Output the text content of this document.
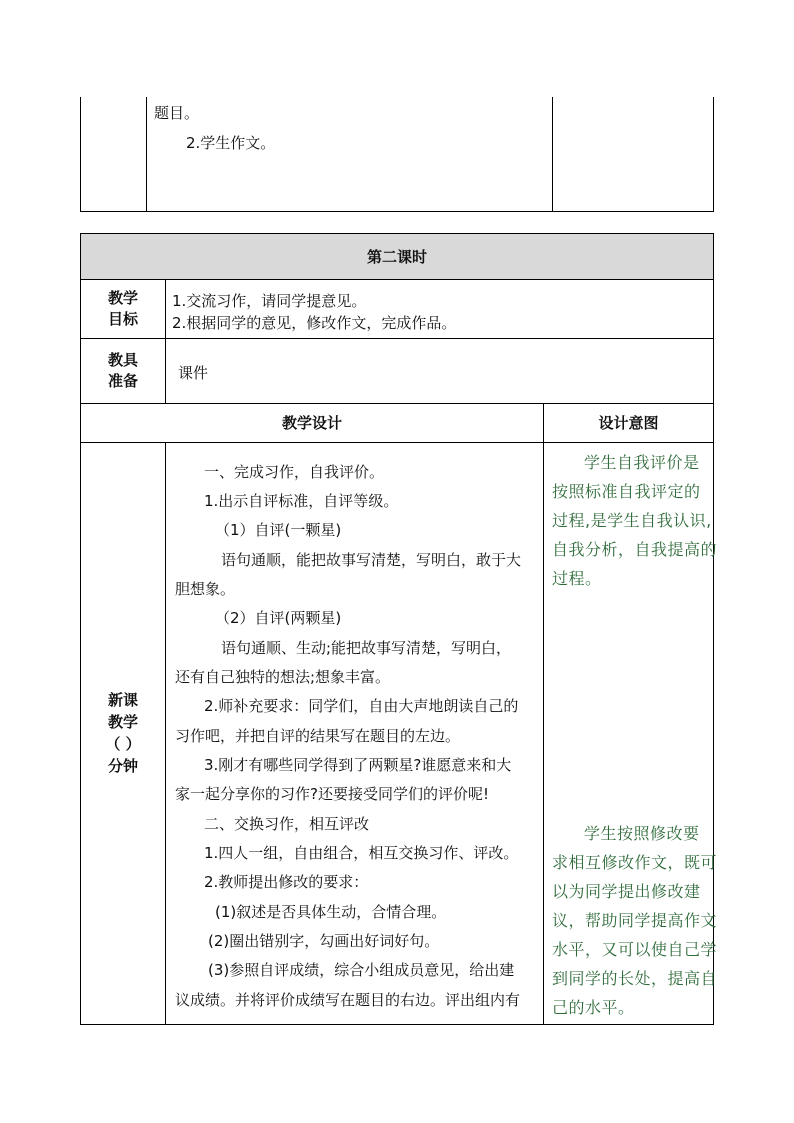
题目。
2.学生作文。
第二课时
教学
目标
1.交流习作，请同学提意见。
2.根据同学的意见，修改作文，完成作品。
教具
准备	课件
教学设计	设计意图
新课
教学
（ ）
分钟
一、完成习作，自我评价。
1.出示自评标准，自评等级。
（1）自评(一颗星)
语句通顺，能把故事写清楚，写明白，敢于大
胆想象。
（2）自评(两颗星)
语句通顺、生动;能把故事写清楚，写明白，
还有自己独特的想法;想象丰富。
2.师补充要求：同学们，自由大声地朗读自己的
习作吧，并把自评的结果写在题目的左边。
3.刚才有哪些同学得到了两颗星?谁愿意来和大
家一起分享你的习作?还要接受同学们的评价呢!
二、交换习作，相互评改
1.四人一组，自由组合，相互交换习作、评改。
2.教师提出修改的要求：
(1)叙述是否具体生动，合情合理。
(2)圈出错别字，勾画出好词好句。
(3)参照自评成绩，综合小组成员意见，给出建
议成绩。并将评价成绩写在题目的右边。评出组内有
学生自我评价是
按照标准自我评定的
过程,是学生自我认识,
自我分析，自我提高的
过程。
学生按照修改要
求相互修改作文，既可
以为同学提出修改建
议，帮助同学提高作文
水平，又可以使自己学
到同学的长处，提高自
己的水平。
